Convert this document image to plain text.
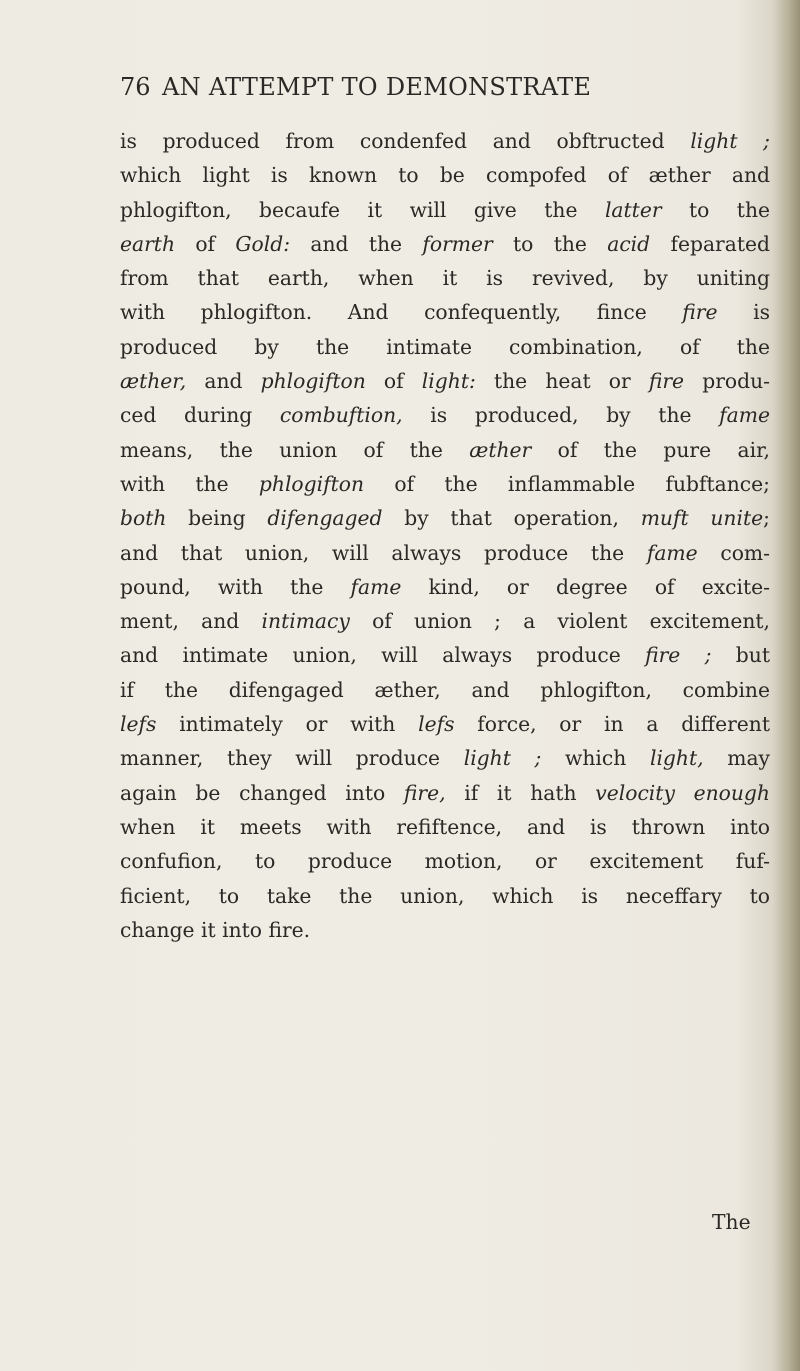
76 AN ATTEMPT TO DEMONSTRATE
is produced from condenfed and obftructed light ;
which light is known to be compofed of æther and
phlogifton, becaufe it will give the latter to the
earth of Gold: and the former to the acid feparated
from that earth, when it is revived, by uniting
with phlogifton. And confequently, fince fire is
produced by the intimate combination, of the
æther, and phlogifton of light: the heat or fire produ-
ced during combuftion, is produced, by the fame
means, the union of the æther of the pure air,
with the phlogifton of the inflammable fubftance;
both being difengaged by that operation, muft unite;
and that union, will always produce the fame com-
pound, with the fame kind, or degree of excite-
ment, and intimacy of union ; a violent excitement,
and intimate union, will always produce fire ; but
if the difengaged æther, and phlogifton, combine
lefs intimately or with lefs force, or in a different
manner, they will produce light ; which light, may
again be changed into fire, if it hath velocity enough
when it meets with refiftence, and is thrown into
confufion, to produce motion, or excitement fuf-
ficient, to take the union, which is neceffary to
change it into fire.
The
